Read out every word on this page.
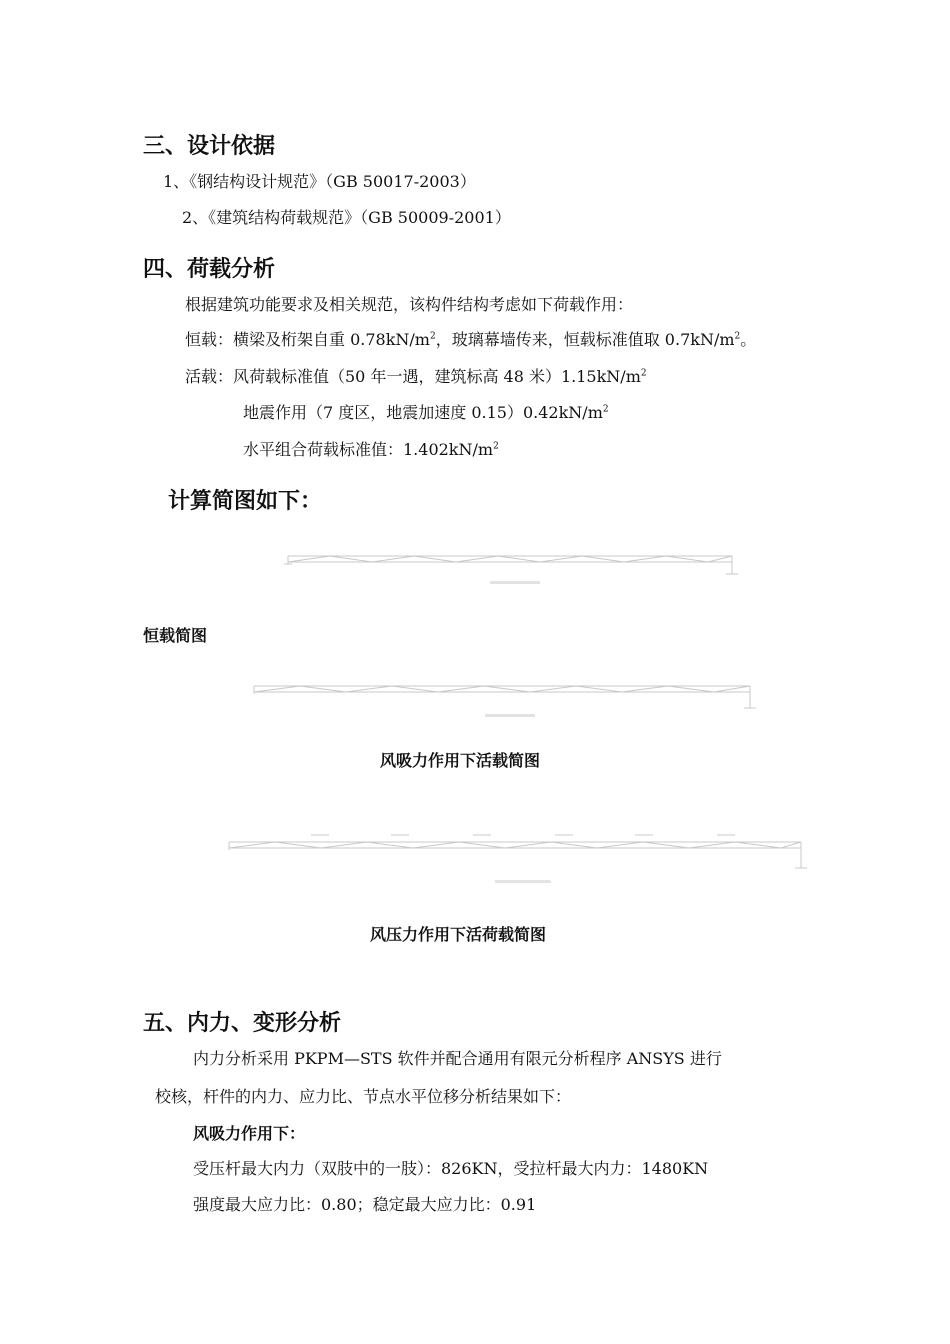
三、设计依据
1、《钢结构设计规范》（GB 50017-2003）
2、《建筑结构荷载规范》（GB 50009-2001）
四、荷载分析
根据建筑功能要求及相关规范，该构件结构考虑如下荷载作用：
恒载：横梁及桁架自重 $0.78kN/m^2$，玻璃幕墙传来，恒载标准值取 $0.7kN/m^2$。
活载：风荷载标准值（50 年一遇，建筑标高 48 米）$1.15kN/m^2$
地震作用（7 度区，地震加速度 $0.15)0.42kN/m^2$
水平组合荷载标准值：$1.402kN/m^2$
计算简图如下：
恒载简图
风吸力作用下活载简图
风压力作用下活荷载简图
五、内力、变形分析
内力分析采用 PKPM—STS 软件并配合通用有限元分析程序 ANSYS 进行
校核，杆件的内力、应力比、节点水平位移分析结果如下：
风吸力作用下：
受压杆最大内力（双肢中的一肢）：826KN，受拉杆最大内力：1480KN
强度最大应力比：0.80；稳定最大应力比：0.91
